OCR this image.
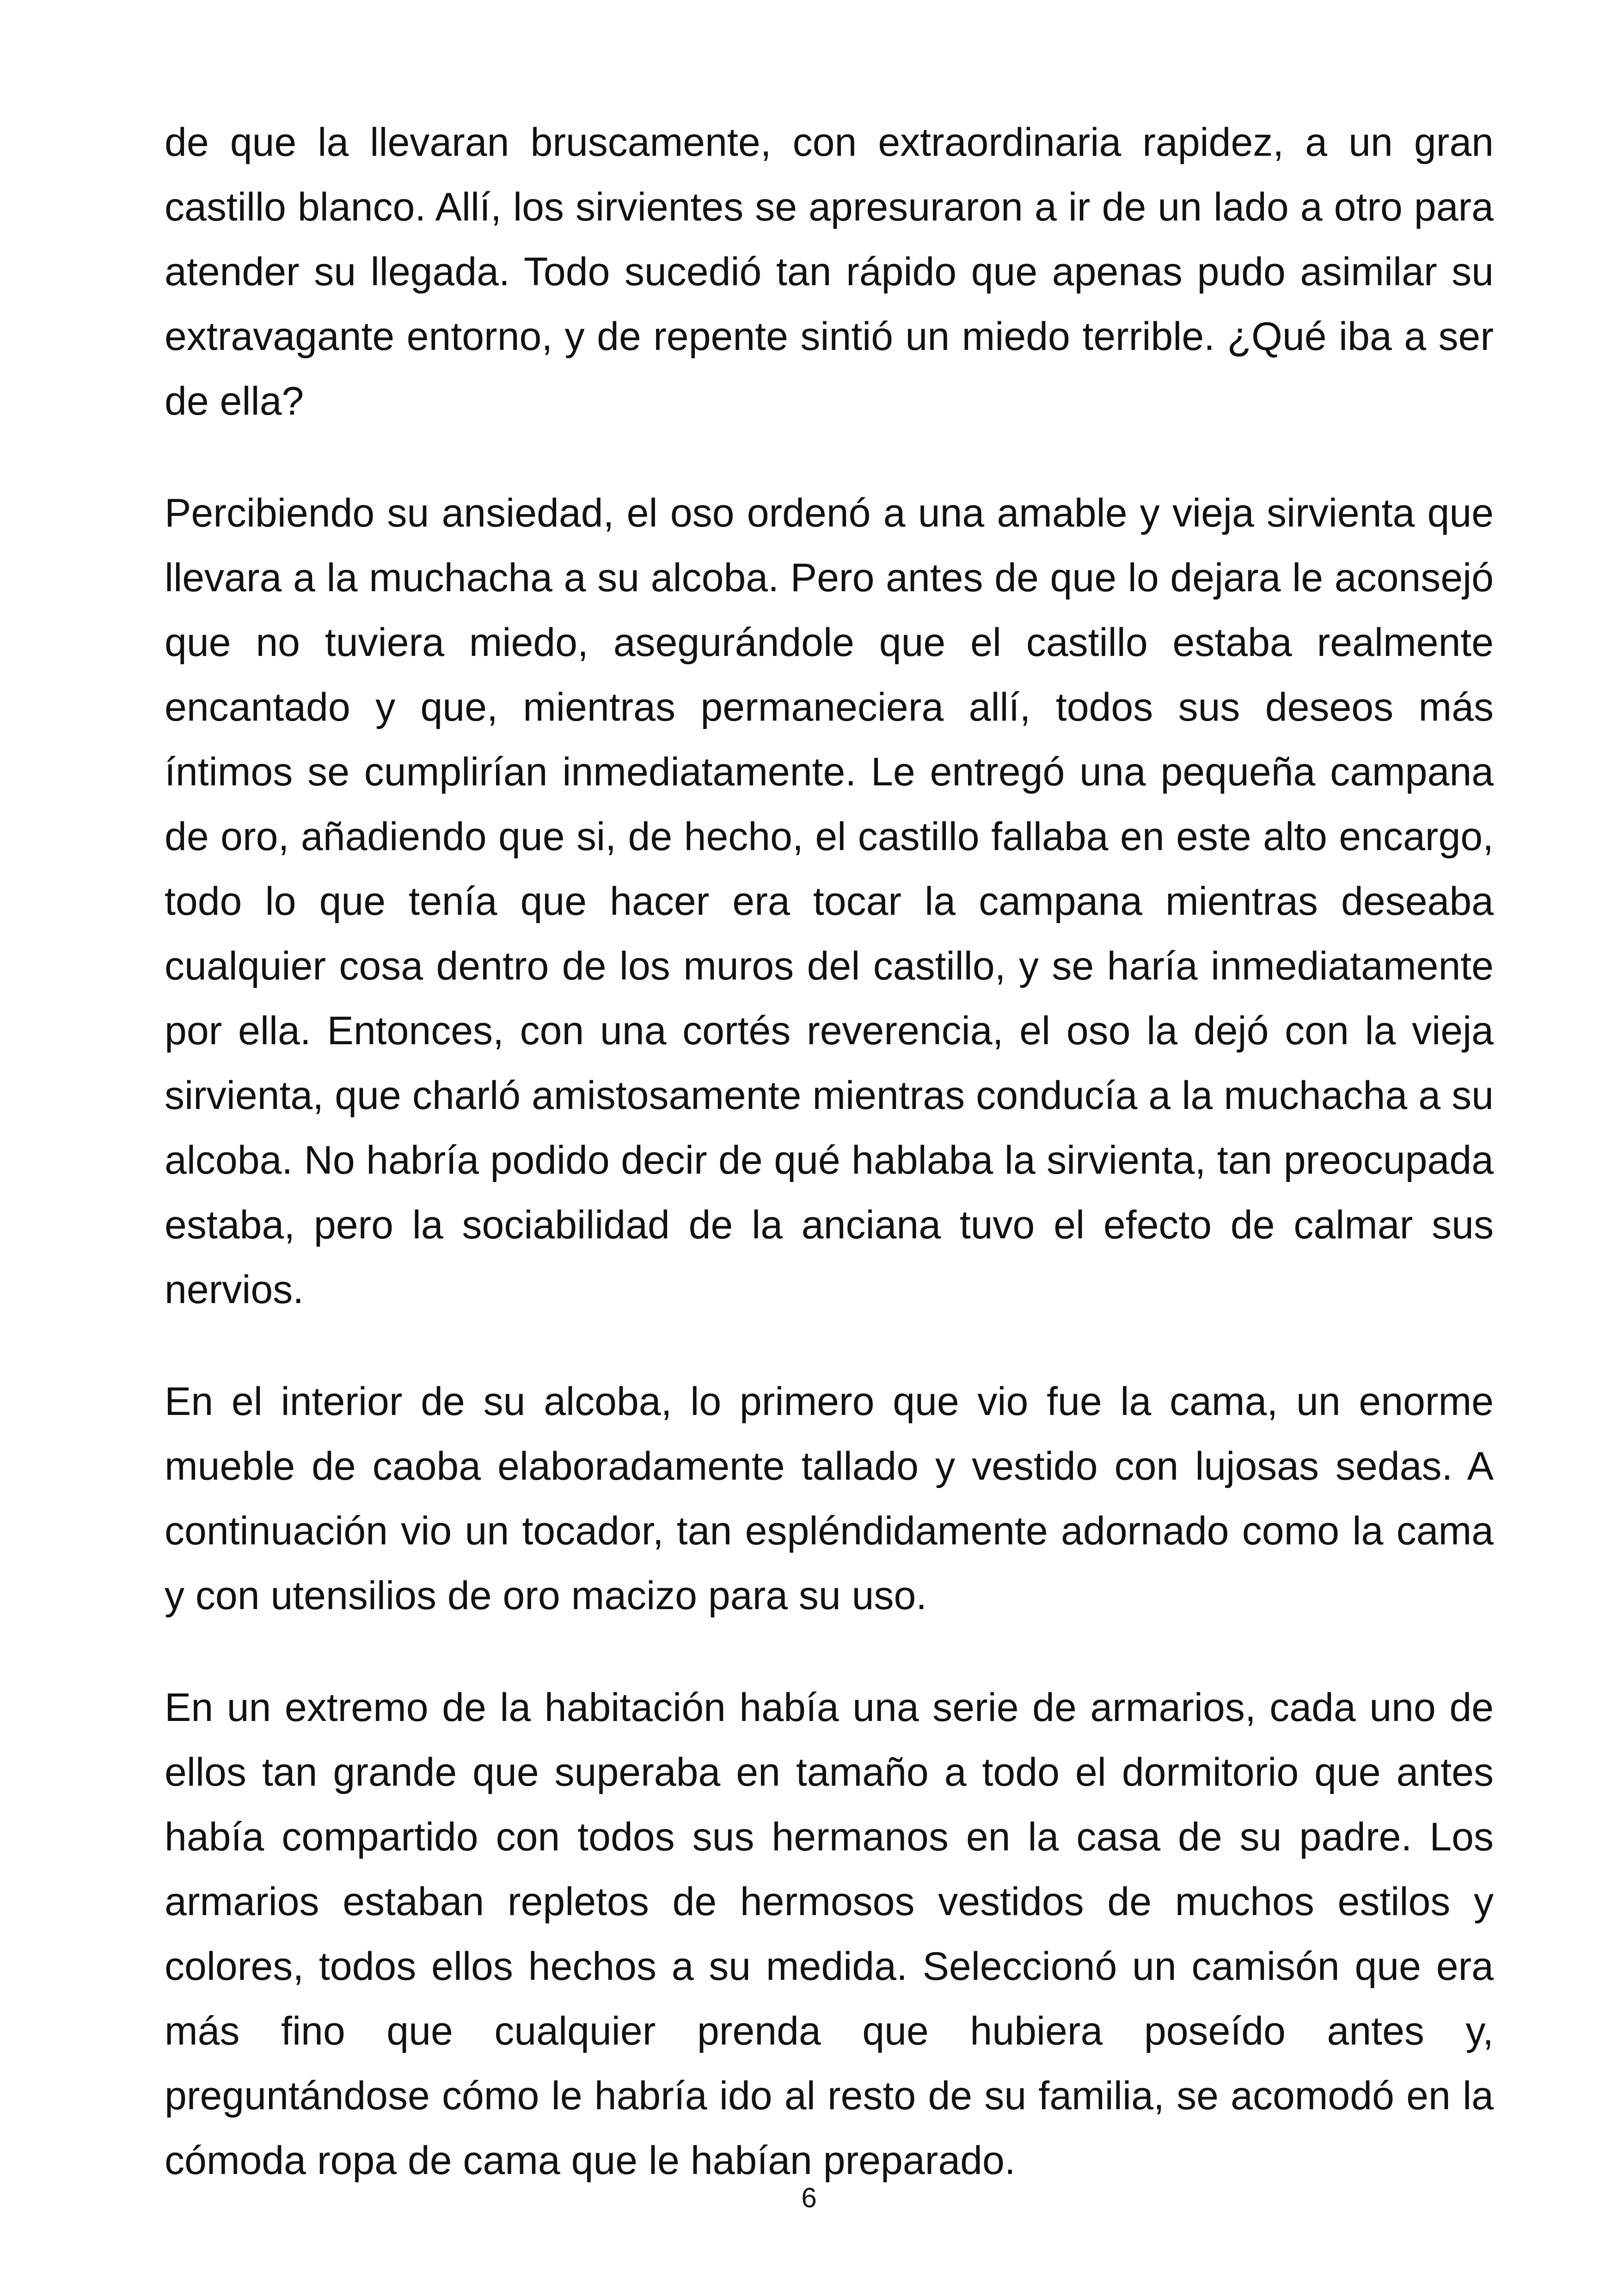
de que la llevaran bruscamente, con extraordinaria rapidez, a un gran castillo blanco. Allí, los sirvientes se apresuraron a ir de un lado a otro para atender su llegada. Todo sucedió tan rápido que apenas pudo asimilar su extravagante entorno, y de repente sintió un miedo terrible. ¿Qué iba a ser de ella?

Percibiendo su ansiedad, el oso ordenó a una amable y vieja sirvienta que llevara a la muchacha a su alcoba. Pero antes de que lo dejara le aconsejó que no tuviera miedo, asegurándole que el castillo estaba realmente encantado y que, mientras permaneciera allí, todos sus deseos más íntimos se cumplirían inmediatamente. Le entregó una pequeña campana de oro, añadiendo que si, de hecho, el castillo fallaba en este alto encargo, todo lo que tenía que hacer era tocar la campana mientras deseaba cualquier cosa dentro de los muros del castillo, y se haría inmediatamente por ella. Entonces, con una cortés reverencia, el oso la dejó con la vieja sirvienta, que charló amistosamente mientras conducía a la muchacha a su alcoba. No habría podido decir de qué hablaba la sirvienta, tan preocupada estaba, pero la sociabilidad de la anciana tuvo el efecto de calmar sus nervios.

En el interior de su alcoba, lo primero que vio fue la cama, un enorme mueble de caoba elaboradamente tallado y vestido con lujosas sedas. A continuación vio un tocador, tan espléndidamente adornado como la cama y con utensilios de oro macizo para su uso.

En un extremo de la habitación había una serie de armarios, cada uno de ellos tan grande que superaba en tamaño a todo el dormitorio que antes había compartido con todos sus hermanos en la casa de su padre. Los armarios estaban repletos de hermosos vestidos de muchos estilos y colores, todos ellos hechos a su medida. Seleccionó un camisón que era más fino que cualquier prenda que hubiera poseído antes y, preguntándose cómo le habría ido al resto de su familia, se acomodó en la cómoda ropa de cama que le habían preparado.

6
